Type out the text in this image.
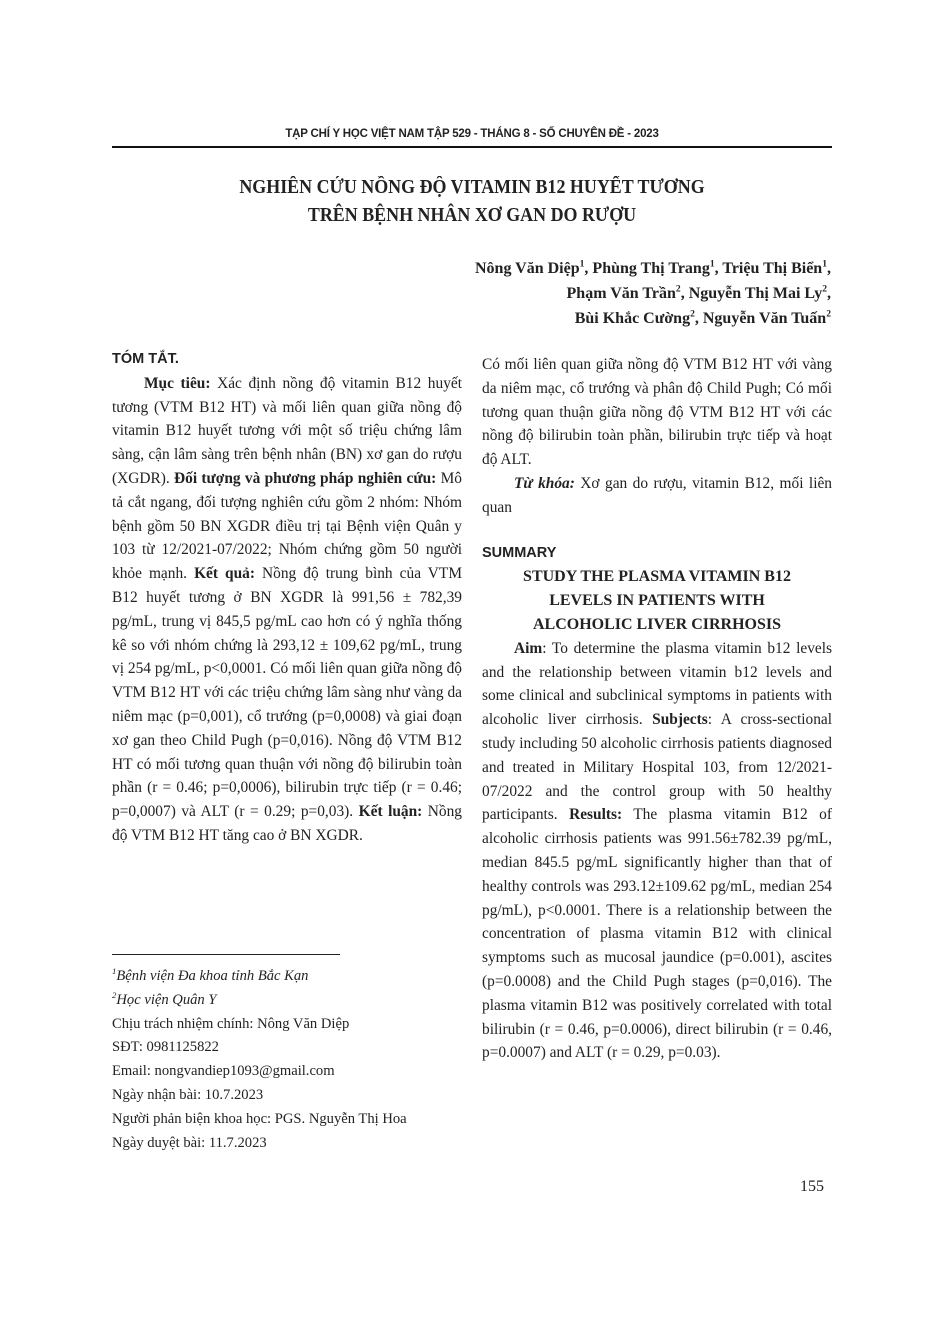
TẠP CHÍ Y HỌC VIỆT NAM TẬP 529 - THÁNG 8 - SỐ CHUYÊN ĐỀ - 2023
NGHIÊN CỨU NỒNG ĐỘ VITAMIN B12 HUYẾT TƯƠNG
TRÊN BỆNH NHÂN XƠ GAN DO RƯỢU
Nông Văn Diệp$^1$, Phùng Thị Trang$^1$, Triệu Thị Biển$^1$,
Phạm Văn Trần$^2$, Nguyễn Thị Mai Ly$^2$,
Bùi Khắc Cường$^2$, Nguyễn Văn Tuấn$^2$

TÓM TẮT.

Mục tiêu: Xác định nồng độ vitamin B12 huyết tương (VTM B12 HT) và mối liên quan giữa nồng độ vitamin B12 huyết tương với một số triệu chứng lâm sàng, cận lâm sàng trên bệnh nhân (BN) xơ gan do rượu (XGDR). Đối tượng và phương pháp nghiên cứu: Mô tả cắt ngang, đối tượng nghiên cứu gồm 2 nhóm: Nhóm bệnh gồm 50 BN XGDR điều trị tại Bệnh viện Quân y 103 từ 12/2021-07/2022; Nhóm chứng gồm 50 người khỏe mạnh. Kết quả: Nồng độ trung bình của VTM B12 huyết tương ở BN XGDR là 991,56 ± 782,39 pg/mL, trung vị 845,5 pg/mL cao hơn có ý nghĩa thống kê so với nhóm chứng là 293,12 ± 109,62 pg/mL, trung vị 254 pg/mL, p<0,0001. Có mối liên quan giữa nồng độ VTM B12 HT với các triệu chứng lâm sàng như vàng da niêm mạc (p=0,001), cổ trướng (p=0,0008) và giai đoạn xơ gan theo Child Pugh (p=0,016). Nồng độ VTM B12 HT có mối tương quan thuận với nồng độ bilirubin toàn phần (r = 0.46; p=0,0006), bilirubin trực tiếp (r = 0.46; p=0,0007) và ALT (r = 0.29; p=0,03). Kết luận: Nồng độ VTM B12 HT tăng cao ở BN XGDR.

Có mối liên quan giữa nồng độ VTM B12 HT với vàng da niêm mạc, cổ trướng và phân độ Child Pugh; Có mối tương quan thuận giữa nồng độ VTM B12 HT với các nồng độ bilirubin toàn phần, bilirubin trực tiếp và hoạt độ ALT.

Từ khóa: Xơ gan do rượu, vitamin B12, mối liên quan

SUMMARY

STUDY THE PLASMA VITAMIN B12
LEVELS IN PATIENTS WITH
ALCOHOLIC LIVER CIRRHOSIS

Aim: To determine the plasma vitamin b12 levels and the relationship between vitamin b12 levels and some clinical and subclinical symptoms in patients with alcoholic liver cirrhosis. Subjects: A cross-sectional study including 50 alcoholic cirrhosis patients diagnosed and treated in Military Hospital 103, from 12/2021-07/2022 and the control group with 50 healthy participants. Results: The plasma vitamin B12 of alcoholic cirrhosis patients was 991.56±782.39 pg/mL, median 845.5 pg/mL significantly higher than that of healthy controls was 293.12±109.62 pg/mL, median 254 pg/mL), p<0.0001. There is a relationship between the concentration of plasma vitamin B12 with clinical symptoms such as mucosal jaundice (p=0.001), ascites (p=0.0008) and the Child Pugh stages (p=0,016). The plasma vitamin B12 was positively correlated with total bilirubin (r = 0.46, p=0.0006), direct bilirubin (r = 0.46, p=0.0007) and ALT (r = 0.29, p=0.03).

$^1$Bệnh viện Đa khoa tỉnh Bắc Kạn
$^2$Học viện Quân Y
Chịu trách nhiệm chính: Nông Văn Diệp
SĐT: 0981125822
Email: nongvandiep1093@gmail.com
Ngày nhận bài: 10.7.2023
Người phản biện khoa học: PGS. Nguyễn Thị Hoa
Ngày duyệt bài: 11.7.2023
155
